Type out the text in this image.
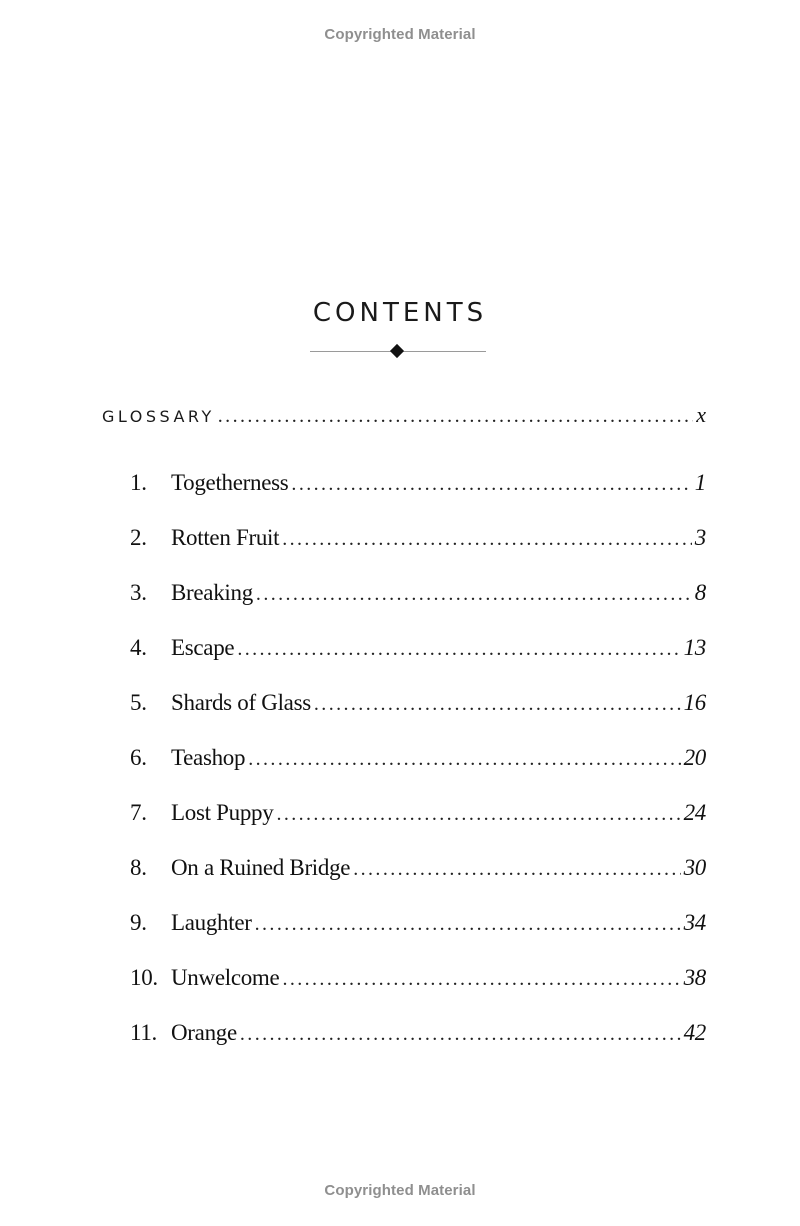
Copyrighted Material
CONTENTS
GLOSSARY .....	x
1.	Togetherness .....	1
2.	Rotten Fruit .....	3
3.	Breaking .....	8
4.	Escape .....	13
5.	Shards of Glass .....	16
6.	Teashop .....	20
7.	Lost Puppy .....	24
8.	On a Ruined Bridge .....	30
9.	Laughter .....	34
10. Unwelcome .....	38
11. Orange .....	42
Copyrighted Material
